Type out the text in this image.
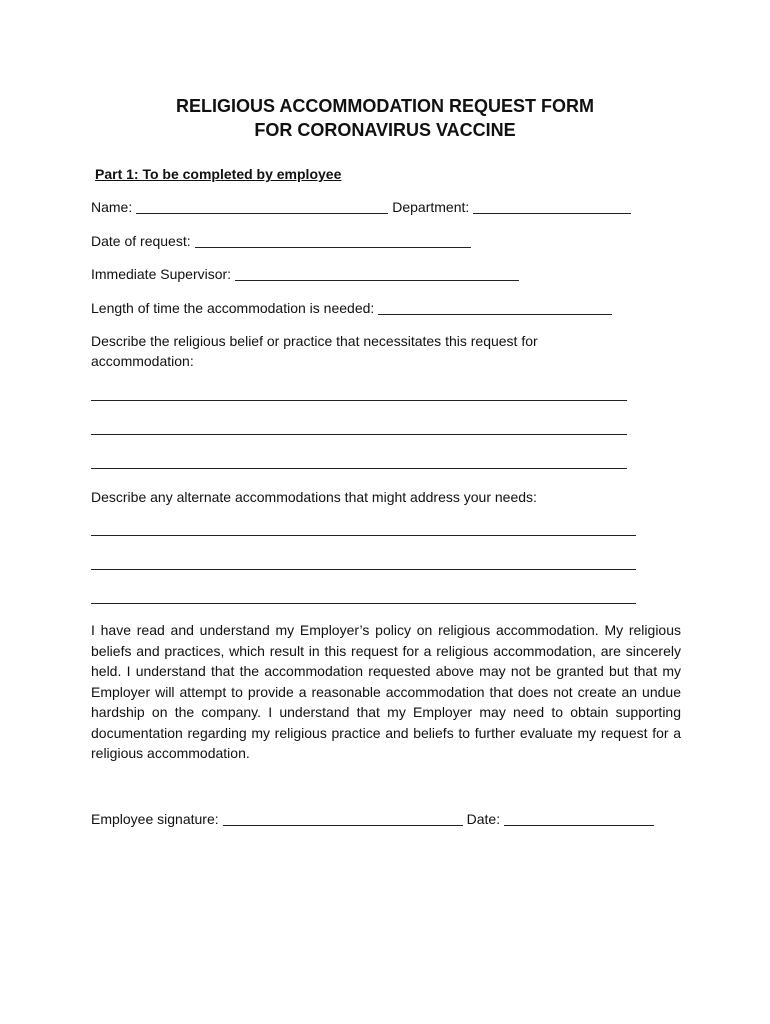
RELIGIOUS ACCOMMODATION REQUEST FORM
FOR CORONAVIRUS VACCINE
Part 1: To be completed by employee
Name:	Department:
Date of request:
Immediate Supervisor:
Length of time the accommodation is needed:
Describe the religious belief or practice that necessitates this request for accommodation:
Describe any alternate accommodations that might address your needs:
I have read and understand my Employer’s policy on religious accommodation. My religious beliefs and practices, which result in this request for a religious accommodation, are sincerely held. I understand that the accommodation requested above may not be granted but that my Employer will attempt to provide a reasonable accommodation that does not create an undue hardship on the company. I understand that my Employer may need to obtain supporting documentation regarding my religious practice and beliefs to further evaluate my request for a religious accommodation.
Employee signature:	Date:
